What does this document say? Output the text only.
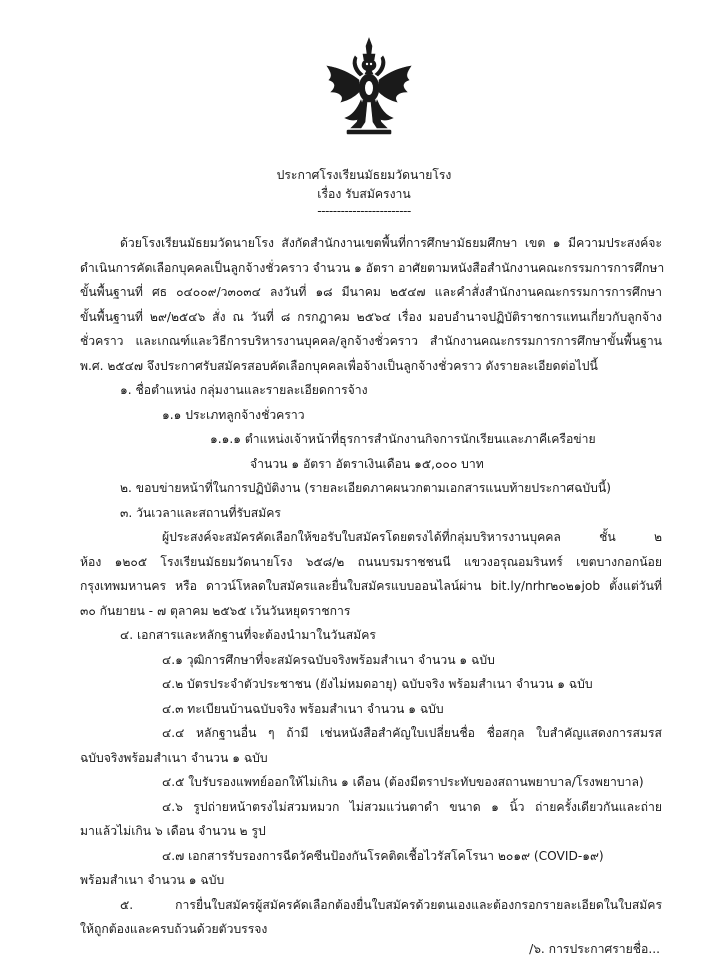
ประกาศโรงเรียนมัธยมวัดนายโรง
เรื่อง รับสมัครงาน
------------------------
ด้วยโรงเรียนมัธยมวัดนายโรง สังกัดสำนักงานเขตพื้นที่การศึกษามัธยมศึกษา เขต ๑ มีความประสงค์จะ
ดำเนินการคัดเลือกบุคคลเป็นลูกจ้างชั่วคราว จำนวน ๑ อัตรา อาศัยตามหนังสือสำนักงานคณะกรรมการการศึกษา
ขั้นพื้นฐานที่ ศธ ๐๔๐๐๙/ว๓๐๓๔ ลงวันที่ ๑๘ มีนาคม ๒๕๔๗ และคำสั่งสำนักงานคณะกรรมการการศึกษา
ขั้นพื้นฐานที่ ๒๙/๒๕๔๖ สั่ง ณ วันที่ ๘ กรกฎาคม ๒๕๖๔ เรื่อง มอบอำนาจปฏิบัติราชการแทนเกี่ยวกับลูกจ้าง
ชั่วคราว และเกณฑ์และวิธีการบริหารงานบุคคล/ลูกจ้างชั่วคราว สำนักงานคณะกรรมการการศึกษาขั้นพื้นฐาน
พ.ศ. ๒๕๔๗ จึงประกาศรับสมัครสอบคัดเลือกบุคคลเพื่อจ้างเป็นลูกจ้างชั่วคราว ดังรายละเอียดต่อไปนี้
๑. ชื่อตำแหน่ง กลุ่มงานและรายละเอียดการจ้าง
๑.๑ ประเภทลูกจ้างชั่วคราว
๑.๑.๑ ตำแหน่งเจ้าหน้าที่ธุรการสำนักงานกิจการนักเรียนและภาคีเครือข่าย
จำนวน ๑ อัตรา อัตราเงินเดือน ๑๕,๐๐๐ บาท
๒. ขอบข่ายหน้าที่ในการปฏิบัติงาน (รายละเอียดภาคผนวกตามเอกสารแนบท้ายประกาศฉบับนี้)
๓. วันเวลาและสถานที่รับสมัคร
ผู้ประสงค์จะสมัครคัดเลือกให้ขอรับใบสมัครโดยตรงได้ที่กลุ่มบริหารงานบุคคล ชั้น ๒
ห้อง ๑๒๐๕ โรงเรียนมัธยมวัดนายโรง ๖๕๘/๒ ถนนบรมราชชนนี แขวงอรุณอมรินทร์ เขตบางกอกน้อย
กรุงเทพมหานคร หรือ ดาวน์โหลดใบสมัครและยื่นใบสมัครแบบออนไลน์ผ่าน bit.ly/nrhr๒๐๒๑job ตั้งแต่วันที่
๓๐ กันยายน - ๗ ตุลาคม ๒๕๖๕ เว้นวันหยุดราชการ
๔. เอกสารและหลักฐานที่จะต้องนำมาในวันสมัคร
๔.๑ วุฒิการศึกษาที่จะสมัครฉบับจริงพร้อมสำเนา จำนวน ๑ ฉบับ
๔.๒ บัตรประจำตัวประชาชน (ยังไม่หมดอายุ) ฉบับจริง พร้อมสำเนา จำนวน ๑ ฉบับ
๔.๓ ทะเบียนบ้านฉบับจริง พร้อมสำเนา จำนวน ๑ ฉบับ
๔.๔ หลักฐานอื่น ๆ ถ้ามี เช่นหนังสือสำคัญใบเปลี่ยนชื่อ ชื่อสกุล ใบสำคัญแสดงการสมรส
ฉบับจริงพร้อมสำเนา จำนวน ๑ ฉบับ
๔.๕ ใบรับรองแพทย์ออกให้ไม่เกิน ๑ เดือน (ต้องมีตราประทับของสถานพยาบาล/โรงพยาบาล)
๔.๖ รูปถ่ายหน้าตรงไม่สวมหมวก ไม่สวมแว่นตาดำ ขนาด ๑ นิ้ว ถ่ายครั้งเดียวกันและถ่าย
มาแล้วไม่เกิน ๖ เดือน จำนวน ๒ รูป
๔.๗ เอกสารรับรองการฉีดวัคซีนป้องกันโรคติดเชื้อไวรัสโคโรนา ๒๐๑๙ (COVID-๑๙)
พร้อมสำเนา จำนวน ๑ ฉบับ
๕. การยื่นใบสมัครผู้สมัครคัดเลือกต้องยื่นใบสมัครด้วยตนเองและต้องกรอกรายละเอียดในใบสมัคร
ให้ถูกต้องและครบถ้วนด้วยตัวบรรจง
/๖. การประกาศรายชื่อ...
